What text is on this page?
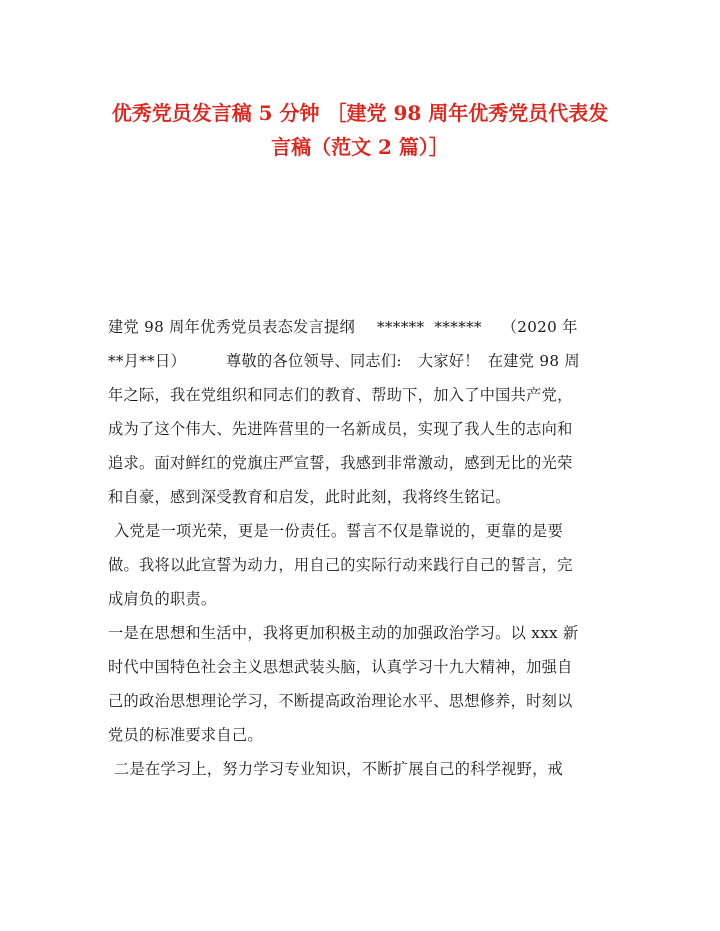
优秀党员发言稿 5 分钟 ［建党 98 周年优秀党员代表发
言稿（范文 2 篇）］
建党 98 周年优秀党员表态发言提纲 ****** ****** （2020 年
**月**日）	尊敬的各位领导、同志们: 大家好！ 在建党 98 周
年之际，我在党组织和同志们的教育、帮助下，加入了中国共产党，
成为了这个伟大、先进阵营里的一名新成员，实现了我人生的志向和
追求。面对鲜红的党旗庄严宣誓，我感到非常激动，感到无比的光荣
和自豪，感到深受教育和启发，此时此刻，我将终生铭记。
入党是一项光荣，更是一份责任。誓言不仅是靠说的，更靠的是要
做。我将以此宣誓为动力，用自己的实际行动来践行自己的誓言，完
成肩负的职责。
一是在思想和生活中，我将更加积极主动的加强政治学习。以 xxx 新
时代中国特色社会主义思想武装头脑，认真学习十九大精神，加强自
己的政治思想理论学习，不断提高政治理论水平、思想修养，时刻以
党员的标准要求自己。
二是在学习上，努力学习专业知识，不断扩展自己的科学视野，戒
